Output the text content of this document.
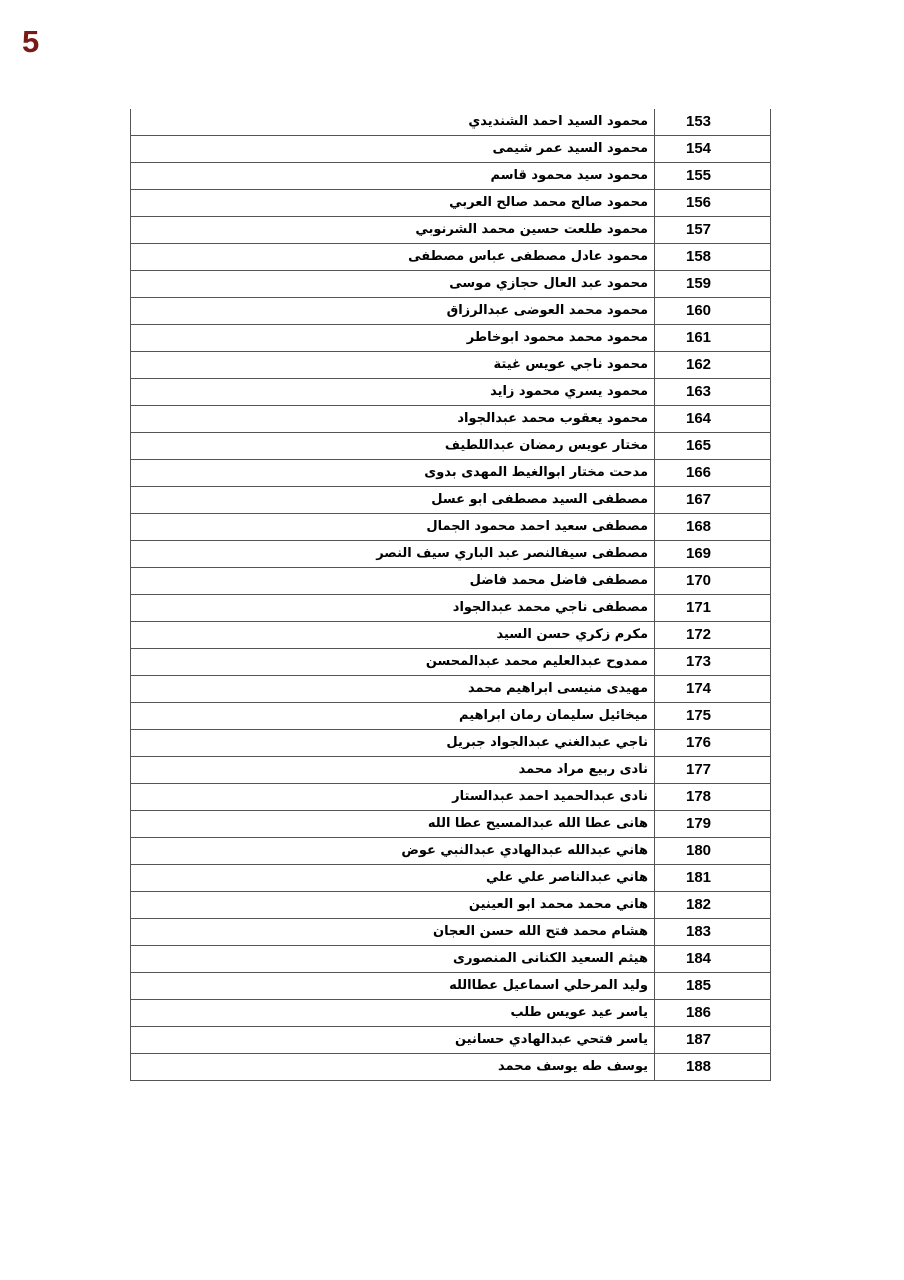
5
محمود السيد احمد الشنديدي	153
محمود السيد عمر شيمى	154
محمود سيد محمود قاسم	155
محمود صالح محمد صالح العربي	156
محمود طلعت حسين محمد الشرنوبي	157
محمود عادل مصطفى عباس مصطفى	158
محمود عبد العال حجازي موسى	159
محمود محمد العوضى عبدالرزاق	160
محمود محمد محمود ابوخاطر	161
محمود ناجي عويس غيتة	162
محمود يسري محمود زايد	163
محمود يعقوب محمد عبدالجواد	164
مختار عويس رمضان عبداللطيف	165
مدحت مختار ابوالغيط المهدى بدوى	166
مصطفى السيد مصطفى ابو عسل	167
مصطفى سعيد احمد محمود الجمال	168
مصطفى سيفالنصر عبد الباري سيف النصر	169
مصطفى فاضل محمد فاضل	170
مصطفى ناجي محمد عبدالجواد	171
مكرم زكري حسن السيد	172
ممدوح عبدالعليم محمد عبدالمحسن	173
مهيدى منيسى ابراهيم محمد	174
ميخائيل سليمان رمان ابراهيم	175
ناجي عبدالغني عبدالجواد جبريل	176
نادى ربيع مراد محمد	177
نادى عبدالحميد احمد عبدالستار	178
هانى عطا الله عبدالمسيح عطا الله	179
هاني عبدالله عبدالهادي عبدالنبي عوض	180
هاني عبدالناصر علي علي	181
هاني محمد محمد ابو العينين	182
هشام محمد فتح الله حسن العجان	183
هيثم السعيد الكنانى المنصورى	184
وليد المرحلي اسماعيل عطاالله	185
ياسر عيد عويس طلب	186
ياسر فتحي عبدالهادي حسانين	187
يوسف طه يوسف محمد	188
